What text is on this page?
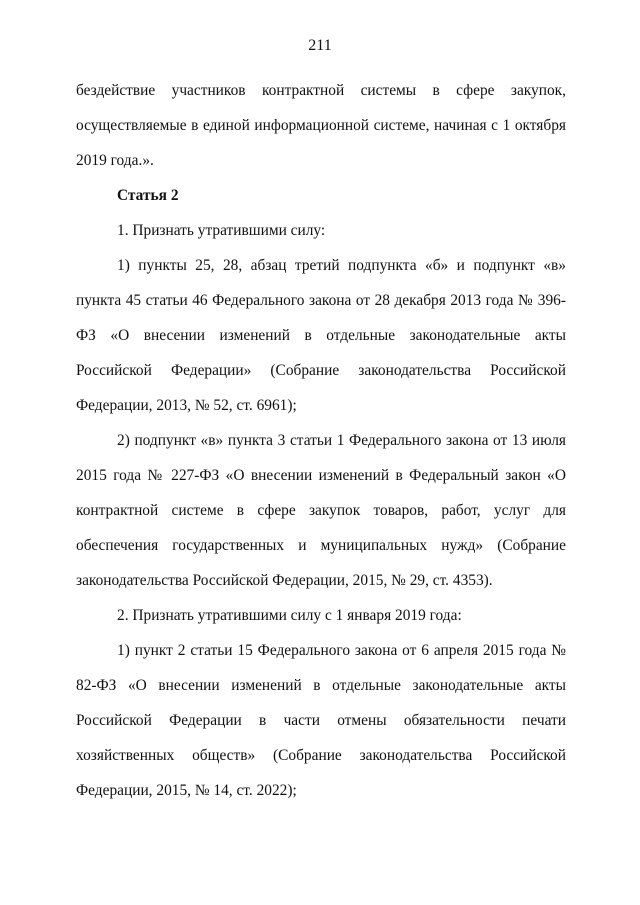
211

бездействие участников контрактной системы в сфере закупок, осуществляемые в единой информационной системе, начиная с 1 октября 2019 года.».

Статья 2

1. Признать утратившими силу:

1) пункты 25, 28, абзац третий подпункта «б» и подпункт «в» пункта 45 статьи 46 Федерального закона от 28 декабря 2013 года № 396-ФЗ «О внесении изменений в отдельные законодательные акты Российской Федерации» (Собрание законодательства Российской Федерации, 2013, № 52, ст. 6961);

2) подпункт «в» пункта 3 статьи 1 Федерального закона от 13 июля 2015 года № 227-ФЗ «О внесении изменений в Федеральный закон «О контрактной системе в сфере закупок товаров, работ, услуг для обеспечения государственных и муниципальных нужд» (Собрание законодательства Российской Федерации, 2015, № 29, ст. 4353).

2. Признать утратившими силу с 1 января 2019 года:

1) пункт 2 статьи 15 Федерального закона от 6 апреля 2015 года № 82-ФЗ «О внесении изменений в отдельные законодательные акты Российской Федерации в части отмены обязательности печати хозяйственных обществ» (Собрание законодательства Российской Федерации, 2015, № 14, ст. 2022);
